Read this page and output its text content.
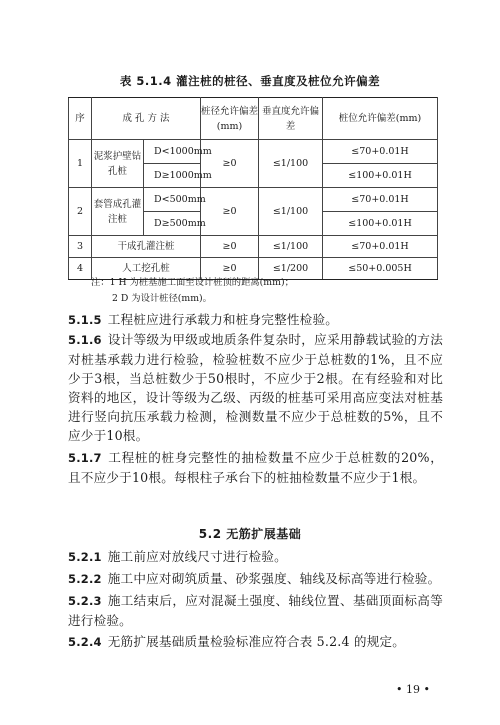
表 5.1.4 灌注桩的桩径、垂直度及桩位允许偏差
序	成 孔 方 法		桩径允许偏差(mm)	垂直度允许偏差	桩位允许偏差(mm)
1	泥浆护壁钻孔桩	D<1000mm	≥0	≤1/100	≤70+0.01H
		D≥1000mm			≤100+0.01H
2	套管成孔灌注桩	D<500mm	≥0	≤1/100	≤70+0.01H
		D≥500mm			≤100+0.01H
3	干成孔灌注桩		≥0	≤1/100	≤70+0.01H
4	人工挖孔桩		≥0	≤1/200	≤50+0.005H
注：1 H 为桩基施工面至设计桩顶的距离(mm)；
2 D 为设计桩径(mm)。
5.1.5 工程桩应进行承载力和桩身完整性检验。
5.1.6 设计等级为甲级或地质条件复杂时，应采用静载试验的方法对桩基承载力进行检验，检验桩数不应少于总桩数的1%，且不应少于3根，当总桩数少于50根时，不应少于2根。在有经验和对比资料的地区，设计等级为乙级、丙级的桩基可采用高应变法对桩基进行竖向抗压承载力检测，检测数量不应少于总桩数的5%，且不应少于10根。
5.1.7 工程桩的桩身完整性的抽检数量不应少于总桩数的20%，且不应少于10根。每根柱子承台下的桩抽检数量不应少于1根。
5.2 无筋扩展基础
5.2.1 施工前应对放线尺寸进行检验。
5.2.2 施工中应对砌筑质量、砂浆强度、轴线及标高等进行检验。
5.2.3 施工结束后，应对混凝土强度、轴线位置、基础顶面标高等进行检验。
5.2.4 无筋扩展基础质量检验标准应符合表 5.2.4 的规定。
• 19 •
